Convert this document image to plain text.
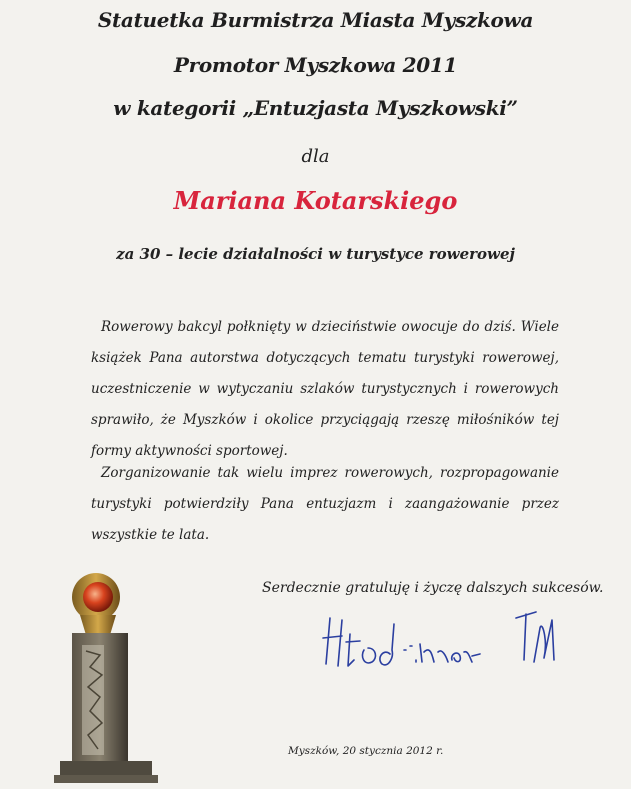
Statuetka Burmistrza Miasta Myszkowa
Promotor Myszkowa 2011
w kategorii „Entuzjasta Myszkowski”
dla
Mariana Kotarskiego
za 30 – lecie działalności w turystyce rowerowej
Rowerowy bakcyl połknięty w dzieciństwie owocuje do dziś. Wiele książek Pana autorstwa dotyczących tematu turystyki rowerowej, uczestniczenie w wytyczaniu szlaków turystycznych i rowerowych sprawiło, że Myszków i okolice przyciągają rzeszę miłośników tej formy aktywności sportowej.
Zorganizowanie tak wielu imprez rowerowych, rozpropagowanie turystyki potwierdziły Pana entuzjazm i zaangażowanie przez wszystkie te lata.
Serdecznie gratuluję i życzę dalszych sukcesów.
Myszków, 20 stycznia 2012 r.
